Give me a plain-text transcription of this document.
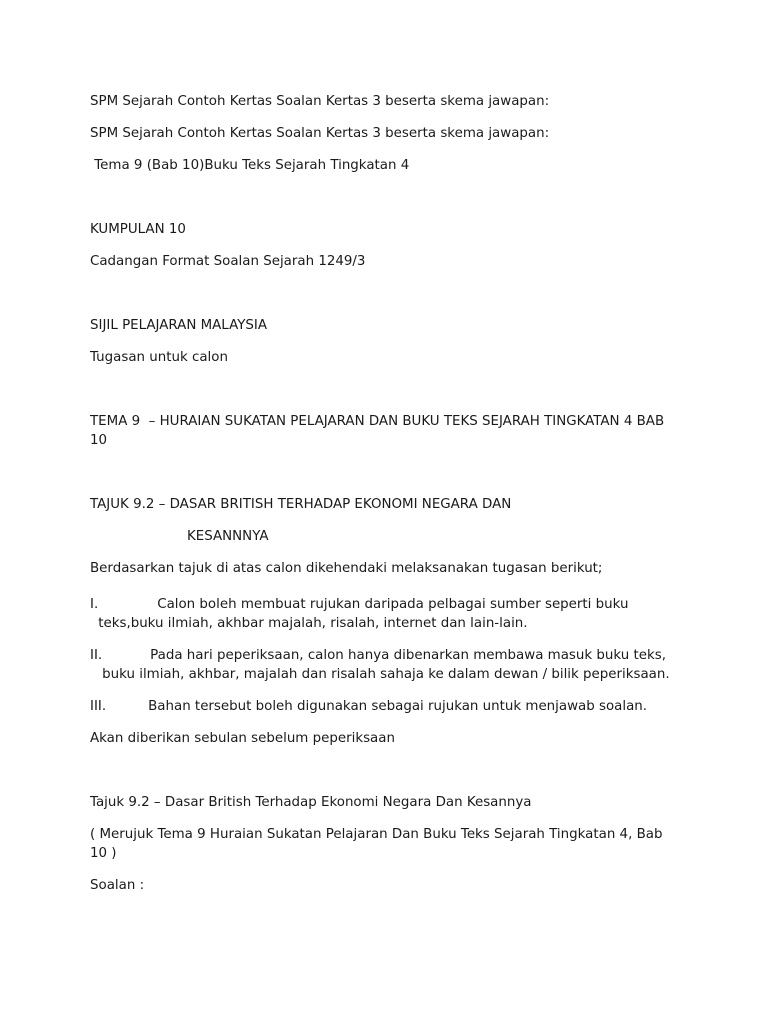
SPM Sejarah Contoh Kertas Soalan Kertas 3 beserta skema jawapan:

SPM Sejarah Contoh Kertas Soalan Kertas 3 beserta skema jawapan:

Tema 9 (Bab 10)Buku Teks Sejarah Tingkatan 4

KUMPULAN 10

Cadangan Format Soalan Sejarah 1249/3

SIJIL PELAJARAN MALAYSIA

Tugasan untuk calon

TEMA 9  – HURAIAN SUKATAN PELAJARAN DAN BUKU TEKS SEJARAH TINGKATAN 4 BAB 10

TAJUK 9.2 – DASAR BRITISH TERHADAP EKONOMI NEGARA DAN

KESANNNYA

Berdasarkan tajuk di atas calon dikehendaki melaksanakan tugasan berikut;

I.	Calon boleh membuat rujukan daripada pelbagai sumber seperti buku teks,buku ilmiah, akhbar majalah, risalah, internet dan lain-lain.
II.	Pada hari peperiksaan, calon hanya dibenarkan membawa masuk buku teks, buku ilmiah, akhbar, majalah dan risalah sahaja ke dalam dewan / bilik peperiksaan.
III.	Bahan tersebut boleh digunakan sebagai rujukan untuk menjawab soalan.

Akan diberikan sebulan sebelum peperiksaan

Tajuk 9.2 – Dasar British Terhadap Ekonomi Negara Dan Kesannya

( Merujuk Tema 9 Huraian Sukatan Pelajaran Dan Buku Teks Sejarah Tingkatan 4, Bab 10 )

Soalan :
